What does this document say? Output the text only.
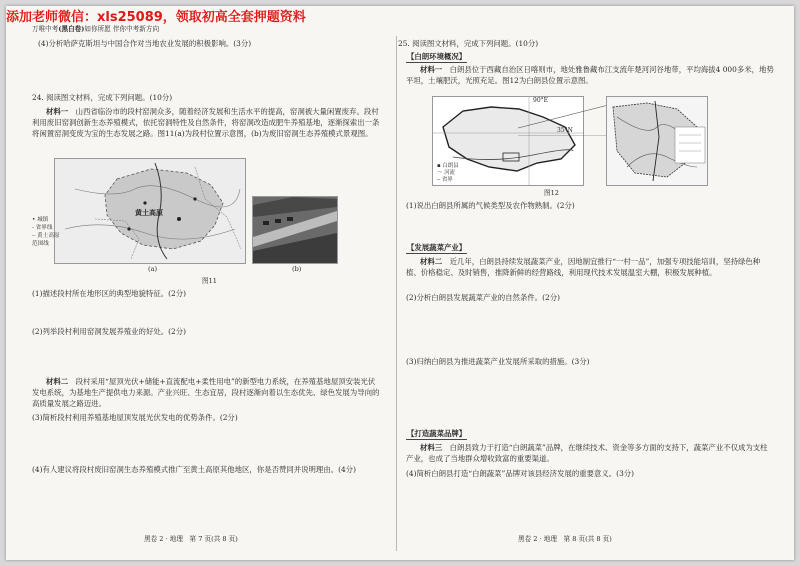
添加老师微信：xls25089，领取初高全套押题资料
万唯中考(黑白卷)如你所愿 伴你中考新方向
(4)分析哈萨克斯坦与中国合作对当地农业发展的积极影响。(3分)
24. 阅读图文材料，完成下列问题。(10分)
材料一　 山西省临汾市的段村窑洞众多，随着经济发展和生活水平的提高，窑洞被大量闲置废弃。段村利用废旧窑洞创新生态养殖模式，依托窑洞特性及自然条件，将窑洞改造成肥牛养殖基地，逐渐探索出一条将闲置窑洞变废为宝的生态发展之路。图11(a)为段村位置示意图，(b)为废旧窑洞生态养殖模式景观图。
黄土高原
• 城镇
- 省界线
┄ 黄土高原范围线
(a)	(b)
图11
(1)描述段村所在地形区的典型地貌特征。(2分)
(2)列举段村利用窑洞发展养殖业的好处。(2分)
材料二　 段村采用“屋顶光伏+储能+直流配电+柔性用电”的新型电力系统，在养殖基地屋顶安装光伏发电系统，为基地生产提供电力来源。产业兴旺、生态宜居，段村逐渐向着以生态优先、绿色发展为导向的高质量发展之路迈进。
(3)简析段村利用养殖基地屋顶发展光伏发电的优势条件。(2分)
(4)有人建议将段村废旧窑洞生态养殖模式推广至黄土高原其他地区，你是否赞同并说明理由。(4分)
黑卷 2 · 地理　第 7 页(共 8 页)
25. 阅读图文材料，完成下列问题。(10分)
【白朗环境概况】
材料一　 白朗县位于西藏自治区日喀则市，地处雅鲁藏布江支流年楚河河谷地带，平均海拔4 000多米，地势平坦，土壤肥沃，光照充足。图12为白朗县位置示意图。
90°E
35°N
▪ 白朗县
～ 河流
┄ 省界
图12
(1)说出白朗县所属的气候类型及农作物熟制。(2分)
【发展蔬菜产业】
材料二　 近几年，白朗县持续发展蔬菜产业，因地制宜推行“一村一品”，加强专项技能培训，坚持绿色种植、价格稳定、及时销售，推降新鲜的经营路线，利用现代技术发展温室大棚，积极发展种植。
(2)分析白朗县发展蔬菜产业的自然条件。(2分)
(3)归纳白朗县为推进蔬菜产业发展所采取的措施。(3分)
【打造蔬菜品牌】
材料三　 白朗县致力于打造“白朗蔬菜”品牌，在继续技术、资金等多方面的支持下，蔬菜产业不仅成为支柱产业，也成了当地群众增收致富的重要渠道。
(4)简析白朗县打造“白朗蔬菜”品牌对该县经济发展的重要意义。(3分)
黑卷 2 · 地理　第 8 页(共 8 页)
